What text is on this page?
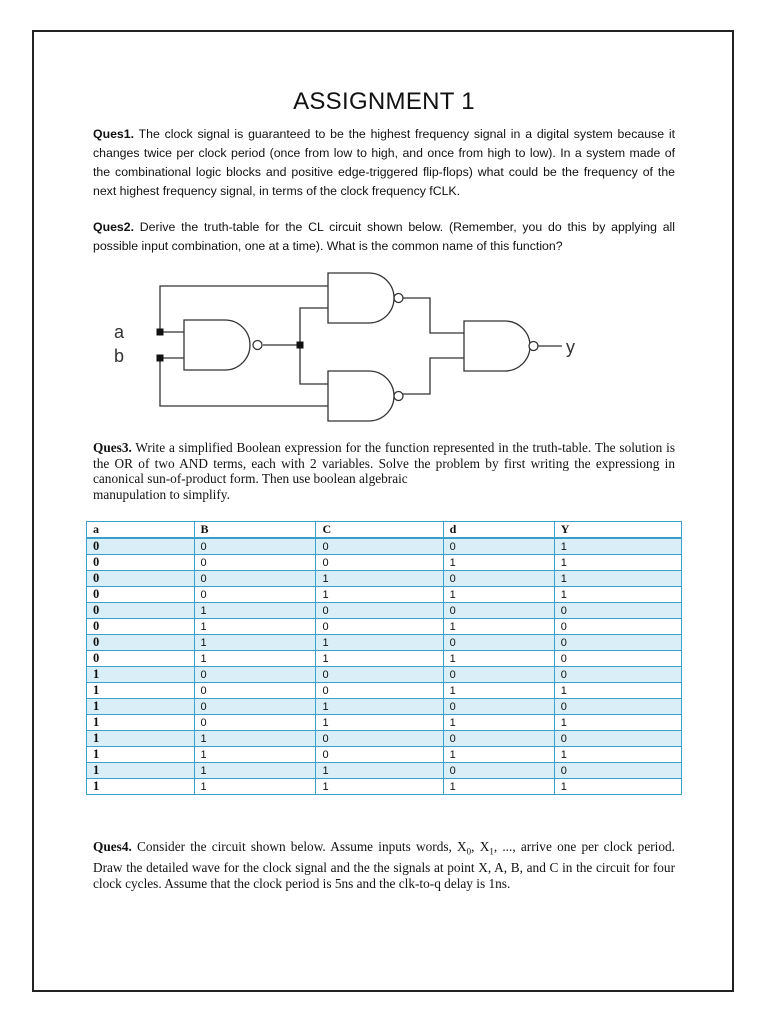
ASSIGNMENT 1

Ques1. The clock signal is guaranteed to be the highest frequency signal in a digital system because it changes twice per clock period (once from low to high, and once from high to low). In a system made of the combinational logic blocks and positive edge-triggered flip-flops) what could be the frequency of the next highest frequency signal, in terms of the clock frequency fCLK.

Ques2. Derive the truth-table for the CL circuit shown below. (Remember, you do this by applying all possible input combination, one at a time). What is the common name of this function?

a
b	y

Ques3. Write a simplified Boolean expression for the function represented in the truth-table. The solution is the OR of two AND terms, each with 2 variables. Solve the problem by first writing the expressiong in canonical sun-of-product form. Then use boolean algebraic
manupulation to simplify.

a	B	C	d	Y
0	0	0	0	1
0	0	0	1	1
0	0	1	0	1
0	0	1	1	1
0	1	0	0	0
0	1	0	1	0
0	1	1	0	0
0	1	1	1	0
1	0	0	0	0
1	0	0	1	1
1	0	1	0	0
1	0	1	1	1
1	1	0	0	0
1	1	0	1	1
1	1	1	0	0
1	1	1	1	1

Ques4. Consider the circuit shown below. Assume inputs words, $X_0$, $X_1$, ..., arrive one per clock period. Draw the detailed wave for the clock signal and the the signals at point X, A, B, and C in the circuit for four clock cycles. Assume that the clock period is 5ns and the clk-to-q delay is 1ns.
